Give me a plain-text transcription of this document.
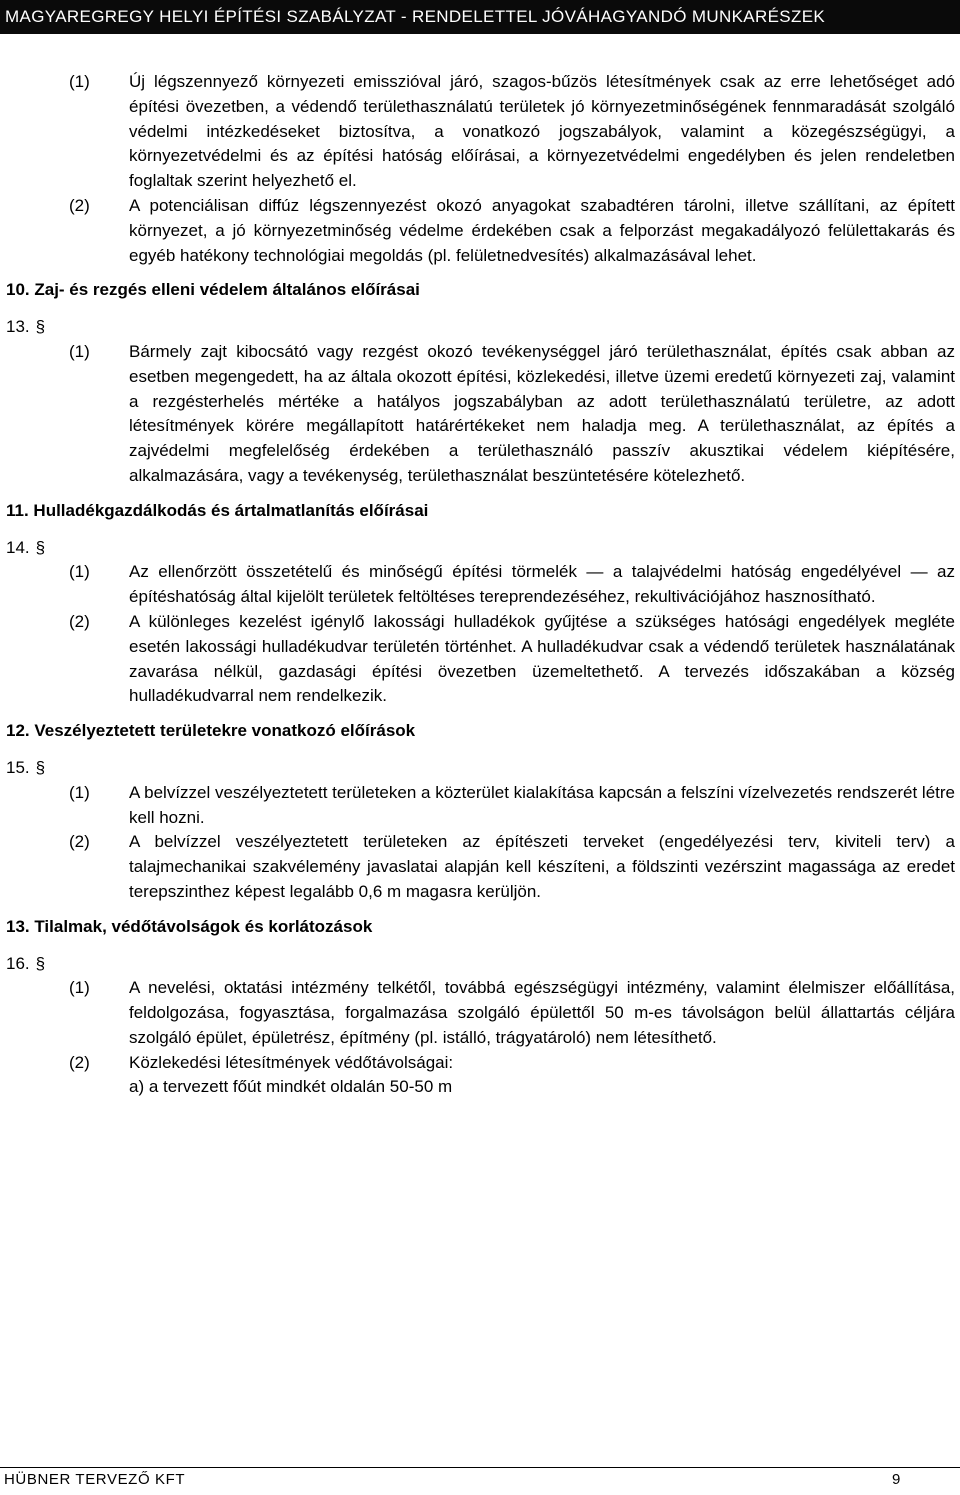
MAGYAREGREGY HELYI ÉPÍTÉSI SZABÁLYZAT - RENDELETTEL JÓVÁHAGYANDÓ MUNKARÉSZEK
(1)	Új légszennyező környezeti emisszióval járó, szagos-bűzös létesítmények csak az erre lehetőséget adó építési övezetben, a védendő területhasználatú területek jó környezetminőségének fennmaradását szolgáló védelmi intézkedéseket biztosítva, a vonatkozó jogszabályok, valamint a közegészségügyi, a környezetvédelmi és az építési hatóság előírásai, a környezetvédelmi engedélyben és jelen rendeletben foglaltak szerint helyezhető el.
(2)	A potenciálisan diffúz légszennyezést okozó anyagokat szabadtéren tárolni, illetve szállítani, az épített környezet, a jó környezetminőség védelme érdekében csak a felporzást megakadályozó felülettakarás és egyéb hatékony technológiai megoldás (pl. felületnedvesítés) alkalmazásával lehet.
10. Zaj- és rezgés elleni védelem általános előírásai
13. §
(1)	Bármely zajt kibocsátó vagy rezgést okozó tevékenységgel járó területhasználat, építés csak abban az esetben megengedett, ha az általa okozott építési, közlekedési, illetve üzemi eredetű környezeti zaj, valamint a rezgésterhelés mértéke a hatályos jogszabályban az adott területhasználatú területre, az adott létesítmények körére megállapított határértékeket nem haladja meg. A területhasználat, az építés a zajvédelmi megfelelőség érdekében a területhasználó passzív akusztikai védelem kiépítésére, alkalmazására, vagy a tevékenység, területhasználat beszüntetésére kötelezhető.
11. Hulladékgazdálkodás és ártalmatlanítás előírásai
14. §
(1)	Az ellenőrzött összetételű és minőségű építési törmelék — a talajvédelmi hatóság engedélyével — az építéshatóság által kijelölt területek feltöltéses tereprendezéséhez, rekultivációjához hasznosítható.
(2)	A különleges kezelést igénylő lakossági hulladékok gyűjtése a szükséges hatósági engedélyek megléte esetén lakossági hulladékudvar területén történhet. A hulladékudvar csak a védendő területek használatának zavarása nélkül, gazdasági építési övezetben üzemeltethető. A tervezés időszakában a község hulladékudvarral nem rendelkezik.
12. Veszélyeztetett területekre vonatkozó előírások
15. §
(1)	A belvízzel veszélyeztetett területeken a közterület kialakítása kapcsán a felszíni vízelvezetés rendszerét létre kell hozni.
(2)	A belvízzel veszélyeztetett területeken az építészeti terveket (engedélyezési terv, kiviteli terv) a talajmechanikai szakvélemény javaslatai alapján kell készíteni, a földszinti vezérszint magassága az eredet terepszinthez képest legalább 0,6 m magasra kerüljön.
13. Tilalmak, védőtávolságok és korlátozások
16. §
(1)	A nevelési, oktatási intézmény telkétől, továbbá egészségügyi intézmény, valamint élelmiszer előállítása, feldolgozása, fogyasztása, forgalmazása szolgáló épülettől 50 m-es távolságon belül állattartás céljára szolgáló épület, épületrész, építmény (pl. istálló, trágyatároló) nem létesíthető.
(2)	Közlekedési létesítmények védőtávolságai:
a) a tervezett főút mindkét oldalán 50-50 m
HÜBNER TERVEZŐ KFT	9
